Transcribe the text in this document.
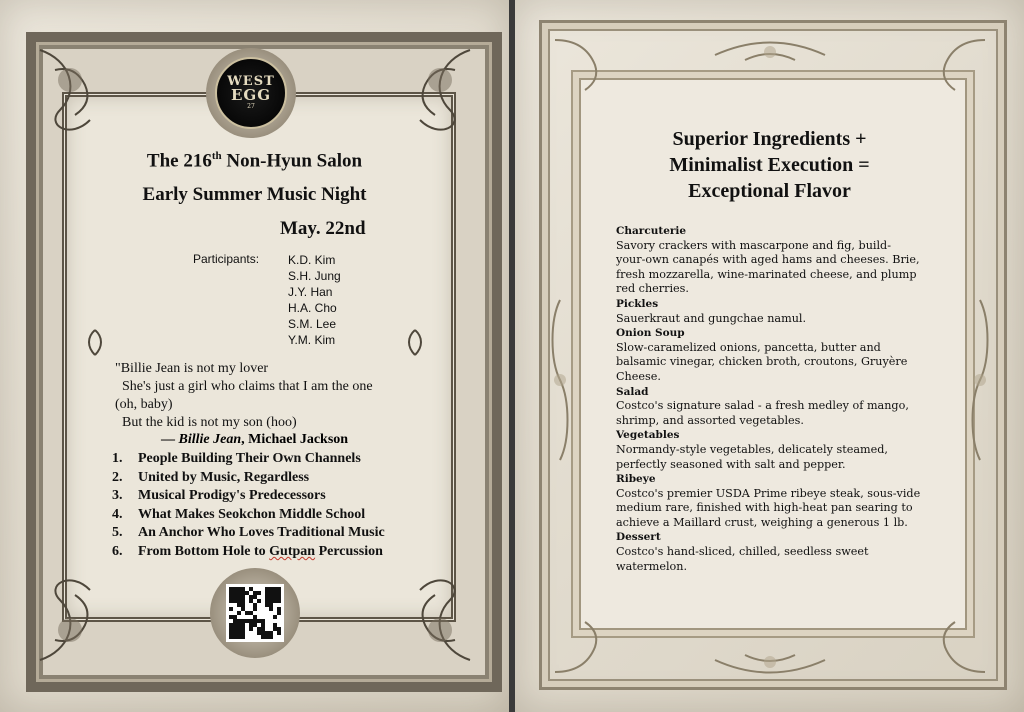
WEST
EGG
27
The 216th Non-Hyun Salon
Early Summer Music Night
May. 22nd
Participants: K.D. Kim
S.H. Jung
J.Y. Han
H.A. Cho
S.M. Lee
Y.M. Kim
"Billie Jean is not my lover
She's just a girl who claims that I am the one
(oh, baby)
But the kid is not my son (hoo)
— Billie Jean, Michael Jackson
1. People Building Their Own Channels
2. United by Music, Regardless
3. Musical Prodigy's Predecessors
4. What Makes Seokchon Middle School
5. An Anchor Who Loves Traditional Music
6. From Bottom Hole to Gutpan Percussion
Superior Ingredients +
Minimalist Execution =
Exceptional Flavor
Charcuterie
Savory crackers with mascarpone and fig, build-
your-own canapés with aged hams and cheeses. Brie,
fresh mozzarella, wine-marinated cheese, and plump
red cherries.
Pickles
Sauerkraut and gungchae namul.
Onion Soup
Slow-caramelized onions, pancetta, butter and
balsamic vinegar, chicken broth, croutons, Gruyère
Cheese.
Salad
Costco's signature salad - a fresh medley of mango,
shrimp, and assorted vegetables.
Vegetables
Normandy-style vegetables, delicately steamed,
perfectly seasoned with salt and pepper.
Ribeye
Costco's premier USDA Prime ribeye steak, sous-vide
medium rare, finished with high-heat pan searing to
achieve a Maillard crust, weighing a generous 1 lb.
Dessert
Costco's hand-sliced, chilled, seedless sweet
watermelon.
